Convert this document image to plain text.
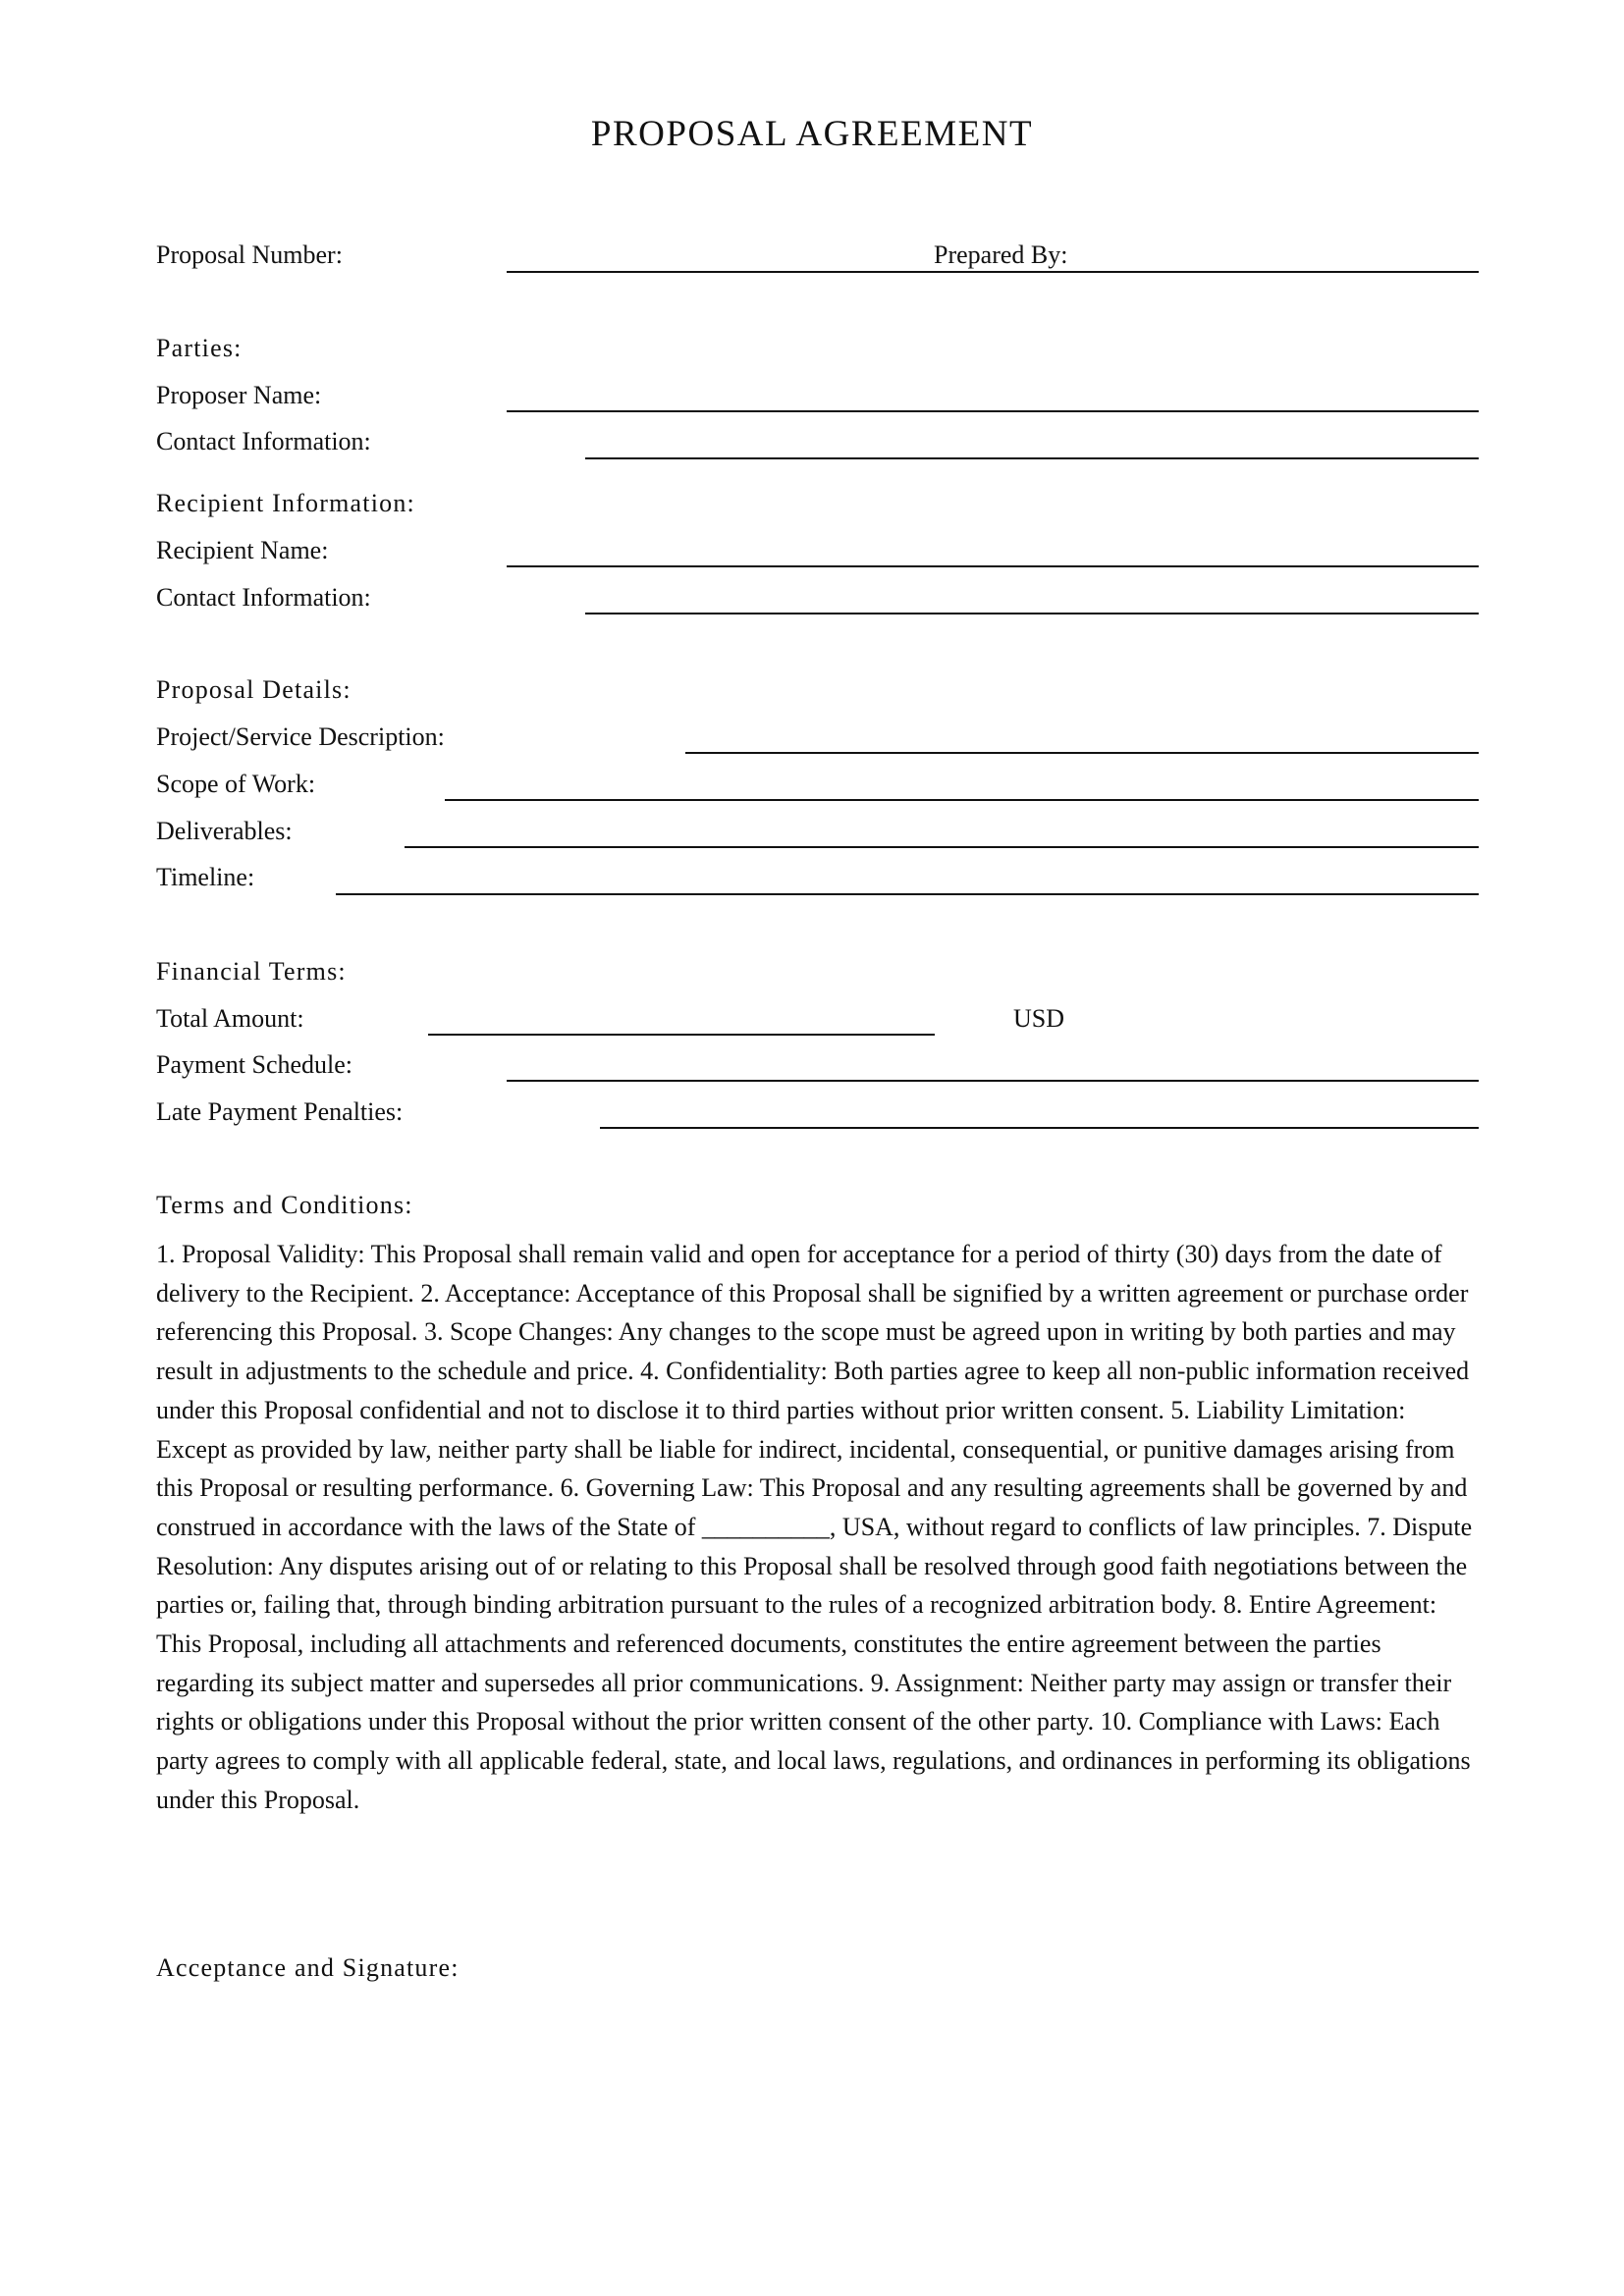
PROPOSAL AGREEMENT
Proposal Number:	Prepared By:
Parties:
Proposer Name:
Contact Information:
Recipient Information:
Recipient Name:
Contact Information:
Proposal Details:
Project/Service Description:
Scope of Work:
Deliverables:
Timeline:
Financial Terms:
Total Amount:	USD
Payment Schedule:
Late Payment Penalties:
Terms and Conditions:
1. Proposal Validity: This Proposal shall remain valid and open for acceptance for a period of thirty (30) days from the date of delivery to the Recipient. 2. Acceptance: Acceptance of this Proposal shall be signified by a written agreement or purchase order referencing this Proposal. 3. Scope Changes: Any changes to the scope must be agreed upon in writing by both parties and may result in adjustments to the schedule and price. 4. Confidentiality: Both parties agree to keep all non-public information received under this Proposal confidential and not to disclose it to third parties without prior written consent. 5. Liability Limitation: Except as provided by law, neither party shall be liable for indirect, incidental, consequential, or punitive damages arising from this Proposal or resulting performance. 6. Governing Law: This Proposal and any resulting agreements shall be governed by and construed in accordance with the laws of the State of __________, USA, without regard to conflicts of law principles. 7. Dispute Resolution: Any disputes arising out of or relating to this Proposal shall be resolved through good faith negotiations between the parties or, failing that, through binding arbitration pursuant to the rules of a recognized arbitration body. 8. Entire Agreement: This Proposal, including all attachments and referenced documents, constitutes the entire agreement between the parties regarding its subject matter and supersedes all prior communications. 9. Assignment: Neither party may assign or transfer their rights or obligations under this Proposal without the prior written consent of the other party. 10. Compliance with Laws: Each party agrees to comply with all applicable federal, state, and local laws, regulations, and ordinances in performing its obligations under this Proposal.
Acceptance and Signature:
